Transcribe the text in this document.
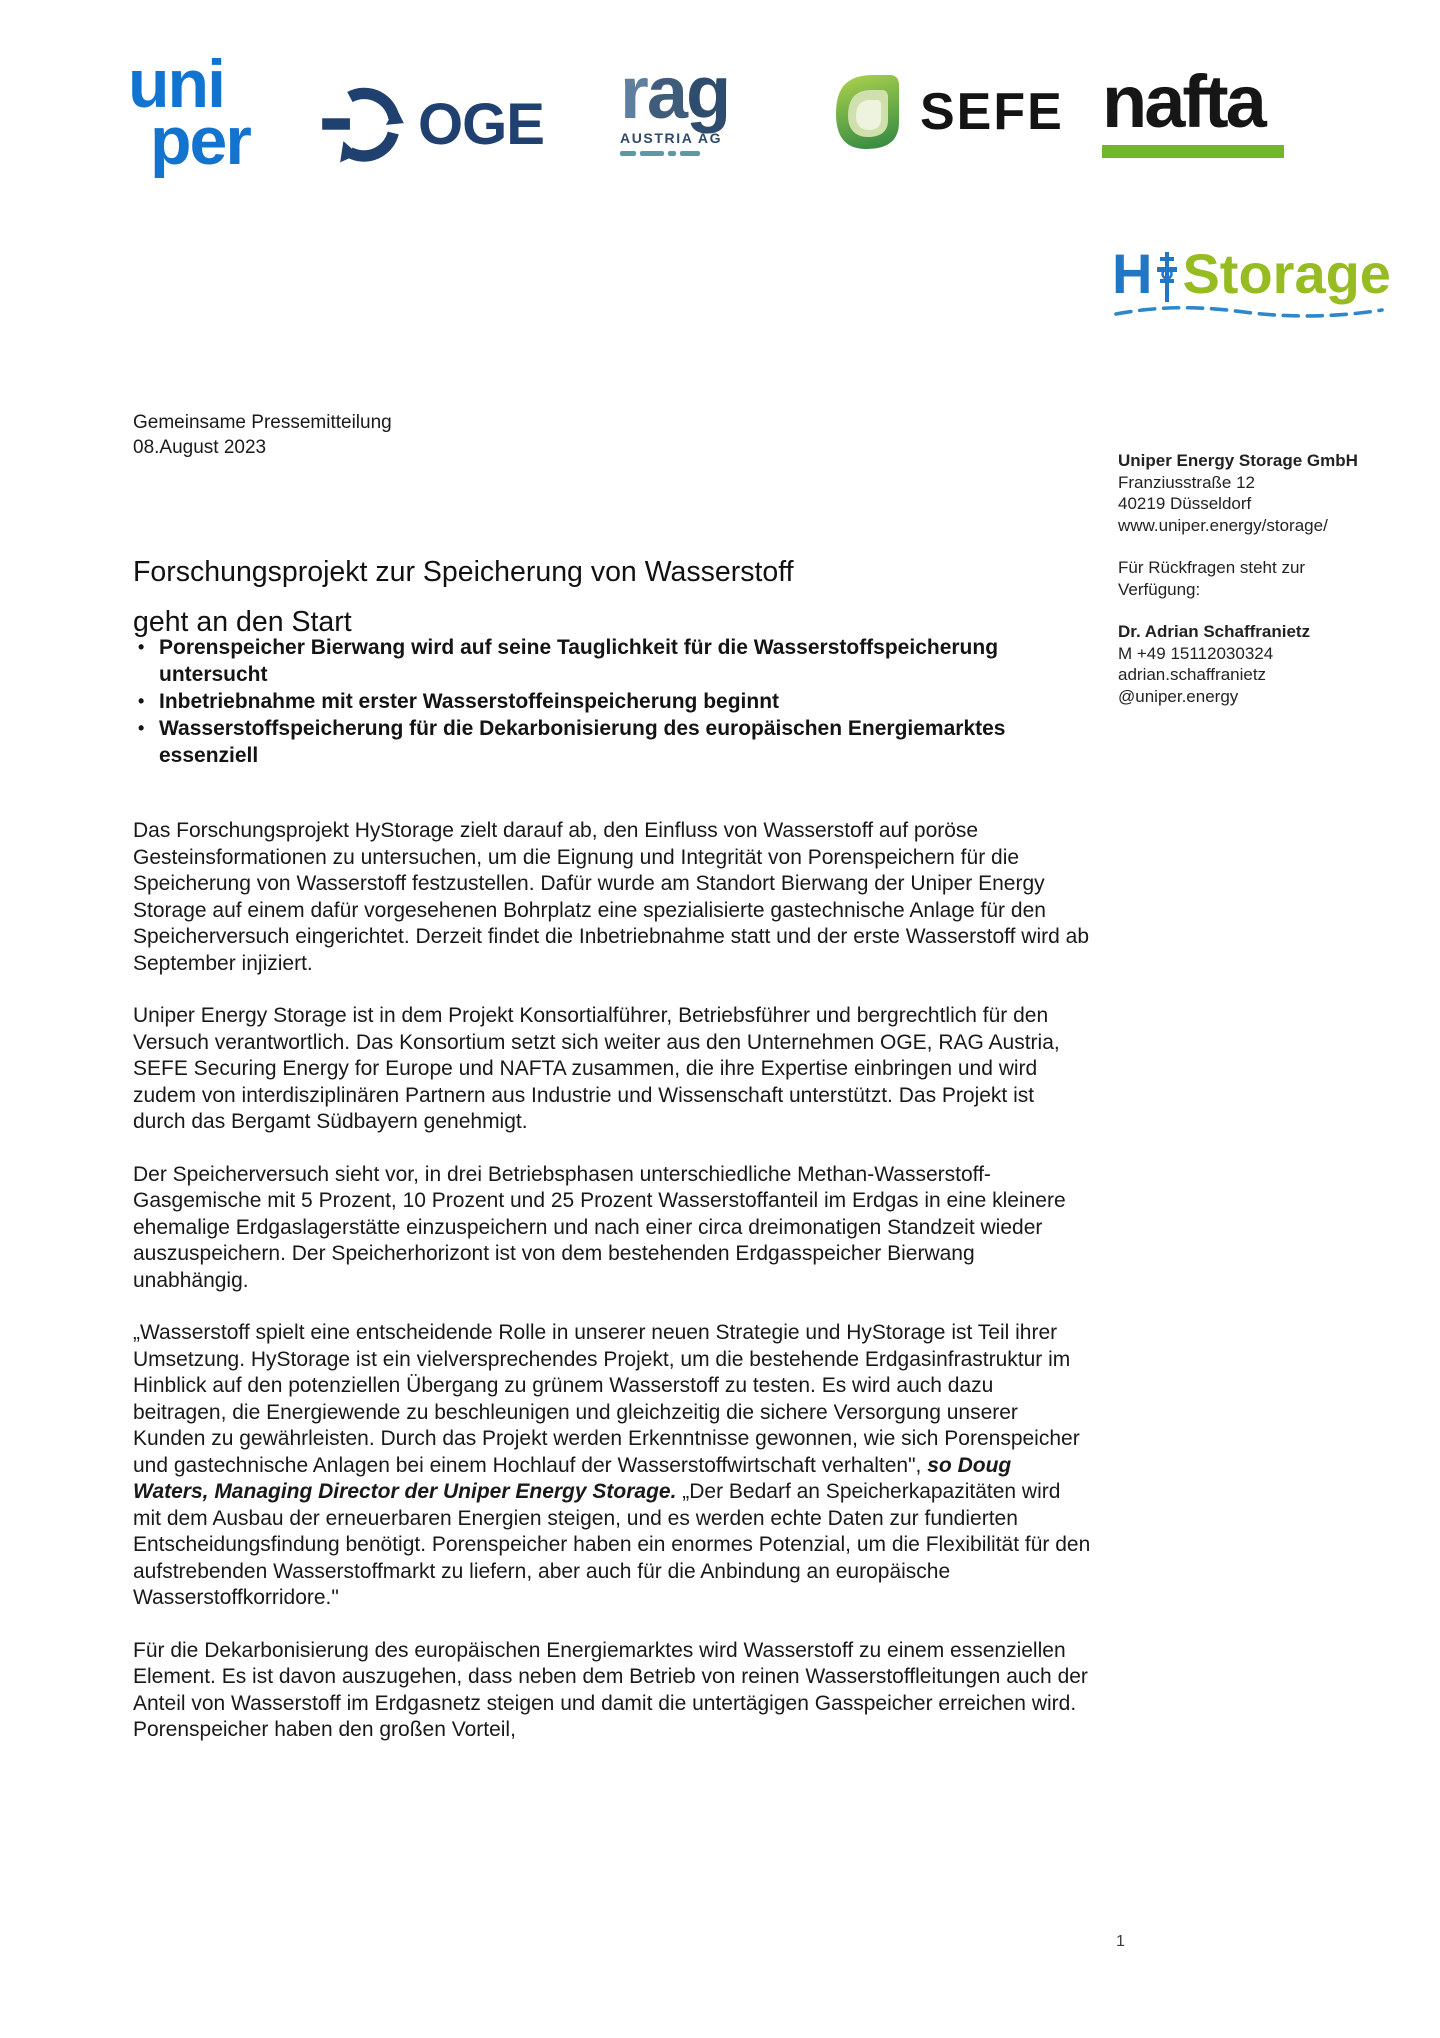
uni
per	OGE rag
AUSTRIA AG	SEFE nafta
H Storage
Gemeinsame Pressemitteilung
08.August 2023
Uniper Energy Storage GmbH
Franziusstraße 12
40219 Düsseldorf
www.uniper.energy/storage/
Für Rückfragen steht zur
Verfügung:
Dr. Adrian Schaffranietz
M +49 15112030324
adrian.schaffranietz
@uniper.energy
Forschungsprojekt zur Speicherung von Wasserstoff
geht an den Start
• Porenspeicher Bierwang wird auf seine Tauglichkeit für die Wasserstoffspeicherung untersucht
• Inbetriebnahme mit erster Wasserstoffeinspeicherung beginnt
• Wasserstoffspeicherung für die Dekarbonisierung des europäischen Energiemarktes essenziell

Das Forschungsprojekt HyStorage zielt darauf ab, den Einfluss von Wasserstoff auf poröse Gesteinsformationen zu untersuchen, um die Eignung und Integrität von Porenspeichern für die Speicherung von Wasserstoff festzustellen. Dafür wurde am Standort Bierwang der Uniper Energy Storage auf einem dafür vorgesehenen Bohrplatz eine spezialisierte gastechnische Anlage für den Speicherversuch eingerichtet. Derzeit findet die Inbetriebnahme statt und der erste Wasserstoff wird ab September injiziert.

Uniper Energy Storage ist in dem Projekt Konsortialführer, Betriebsführer und bergrechtlich für den Versuch verantwortlich. Das Konsortium setzt sich weiter aus den Unternehmen OGE, RAG Austria, SEFE Securing Energy for Europe und NAFTA zusammen, die ihre Expertise einbringen und wird zudem von interdisziplinären Partnern aus Industrie und Wissenschaft unterstützt. Das Projekt ist durch das Bergamt Südbayern genehmigt.

Der Speicherversuch sieht vor, in drei Betriebsphasen unterschiedliche Methan-Wasserstoff-Gasgemische mit 5 Prozent, 10 Prozent und 25 Prozent Wasserstoffanteil im Erdgas in eine kleinere ehemalige Erdgaslagerstätte einzuspeichern und nach einer circa dreimonatigen Standzeit wieder auszuspeichern. Der Speicherhorizont ist von dem bestehenden Erdgasspeicher Bierwang unabhängig.

„Wasserstoff spielt eine entscheidende Rolle in unserer neuen Strategie und HyStorage ist Teil ihrer Umsetzung. HyStorage ist ein vielversprechendes Projekt, um die bestehende Erdgasinfrastruktur im Hinblick auf den potenziellen Übergang zu grünem Wasserstoff zu testen. Es wird auch dazu beitragen, die Energiewende zu beschleunigen und gleichzeitig die sichere Versorgung unserer Kunden zu gewährleisten. Durch das Projekt werden Erkenntnisse gewonnen, wie sich Porenspeicher und gastechnische Anlagen bei einem Hochlauf der Wasserstoffwirtschaft verhalten", so Doug Waters, Managing Director der Uniper Energy Storage. „Der Bedarf an Speicherkapazitäten wird mit dem Ausbau der erneuerbaren Energien steigen, und es werden echte Daten zur fundierten Entscheidungsfindung benötigt. Porenspeicher haben ein enormes Potenzial, um die Flexibilität für den aufstrebenden Wasserstoffmarkt zu liefern, aber auch für die Anbindung an europäische Wasserstoffkorridore."

Für die Dekarbonisierung des europäischen Energiemarktes wird Wasserstoff zu einem essenziellen Element. Es ist davon auszugehen, dass neben dem Betrieb von reinen Wasserstoffleitungen auch der Anteil von Wasserstoff im Erdgasnetz steigen und damit die untertägigen Gasspeicher erreichen wird. Porenspeicher haben den großen Vorteil,

1
